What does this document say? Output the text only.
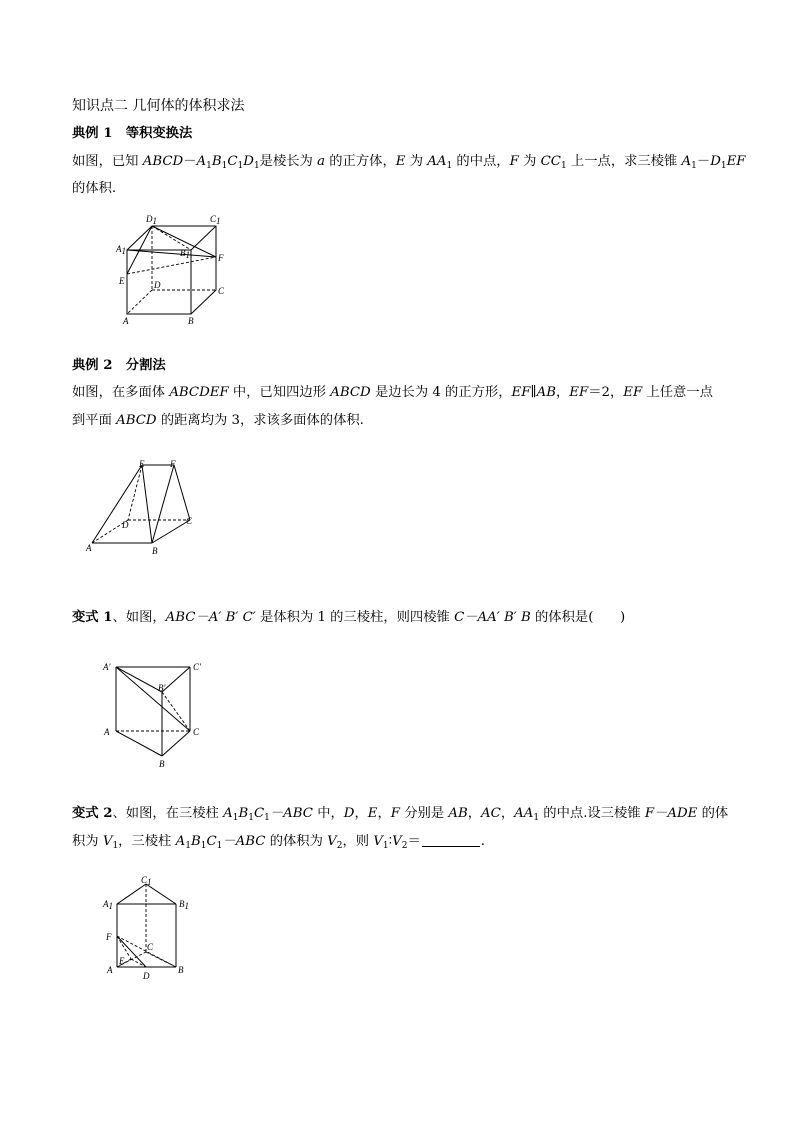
知识点二 几何体的体积求法
典例 1　等积变换法
如图，已知 $ABCD-A_1B_1C_1D_1$是棱长为 a 的正方体，E 为 $AA_1$ 的中点，F 为 $CC_1$ 上一点，求三棱锥 $A_1-D_1EF$
的体积.
D1	C1
A1	B1	F
E	D
C
A	B
典例 2　分割法
如图，在多面体 ABCDEF 中，已知四边形 ABCD 是边长为 4 的正方形，EF∥AB，EF＝2，EF 上任意一点
到平面 ABCD 的距离均为 3，求该多面体的体积.
E	F
D	C
A	B
变式 1、如图，ABC－A′ B′ C′ 是体积为 1 的三棱柱，则四棱锥 C－AA′ B′ B 的体积是(　　)
A′	C′
B′
A	C
B
变式 2、如图，在三棱柱 $A_1B_1C_1-ABC$ 中，D，E，F 分别是 AB，AC，$AA_1$ 的中点.设三棱锥 F－ADE 的体
积为 $V_1$，三棱柱 $A_1B_1C_1-ABC$ 的体积为 $V_2$，则 $V_1∶V_2=$	.
C1
A1	B1
F
C
E
A
D
B
